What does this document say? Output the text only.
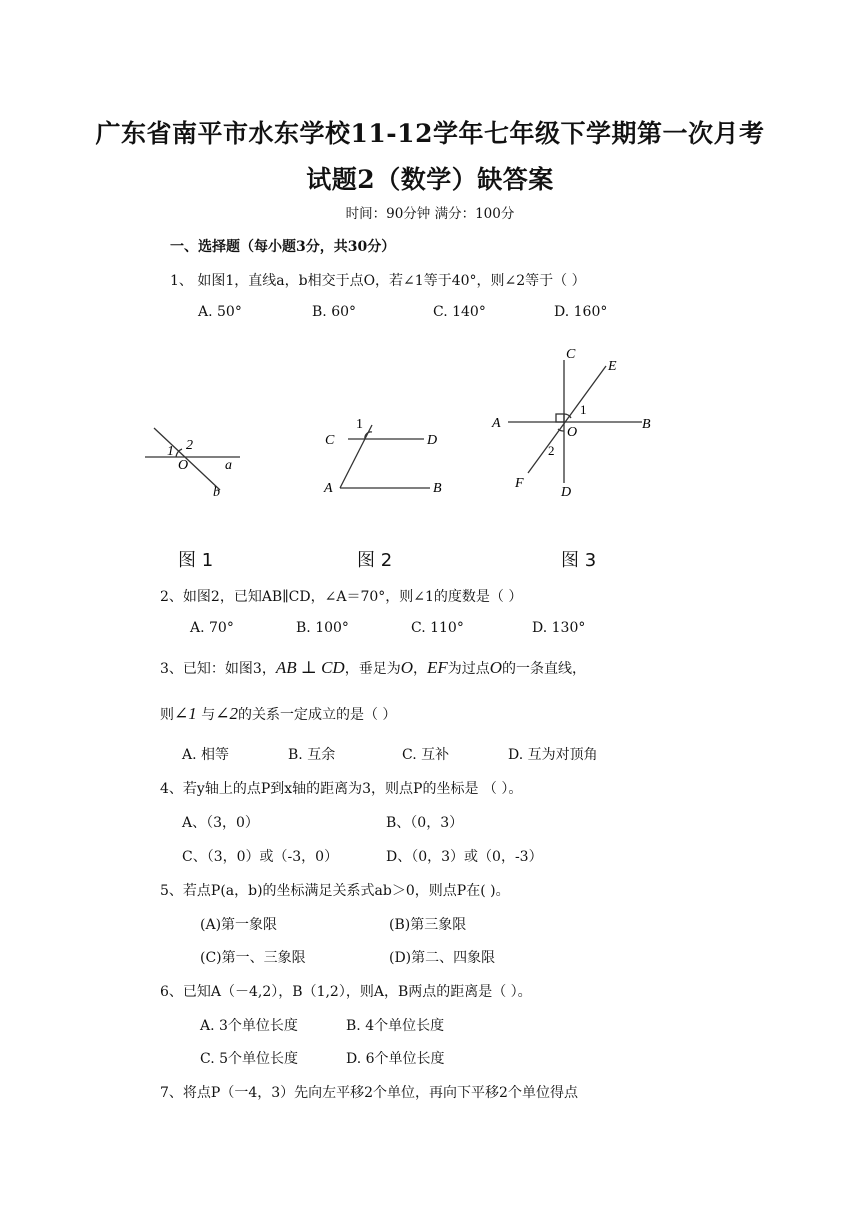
广东省南平市水东学校11-12学年七年级下学期第一次月考
试题2（数学）缺答案
时间：90分钟 满分：100分
一、选择题（每小题3分，共30分）
1、 如图1，直线a，b相交于点O，若∠1等于40°，则∠2等于（ ）
A. 50°	B. 60°	C. 140°	D. 160°
1 2
O	a
b
1
C	D
A	B
C
E
A	B
1
O
2
F
D
图 1	图 2	图 3
2、如图2，已知AB∥CD，∠A＝70°，则∠1的度数是（ ）
A. 70°	B. 100°	C. 110°	D. 130°
3、已知：如图3，AB ⊥ CD，垂足为O，EF为过点O的一条直线，
则∠1 与∠2的关系一定成立的是（ ）
A. 相等	B. 互余	C. 互补	D. 互为对顶角
4、若y轴上的点P到x轴的距离为3，则点P的坐标是 （ ）。
A、（3，0）	B、（0，3）
C、（3，0）或（-3，0）	D、（0，3）或（0，-3）
5、若点P(a，b)的坐标满足关系式ab＞0，则点P在( )。
(A)第一象限	(B)第三象限
(C)第一、三象限	(D)第二、四象限
6、已知A（－4,2），B（1,2），则A，B两点的距离是（ ）。
A. 3个单位长度	B. 4个单位长度
C. 5个单位长度	D. 6个单位长度
7、将点P（一4，3）先向左平移2个单位，再向下平移2个单位得点
